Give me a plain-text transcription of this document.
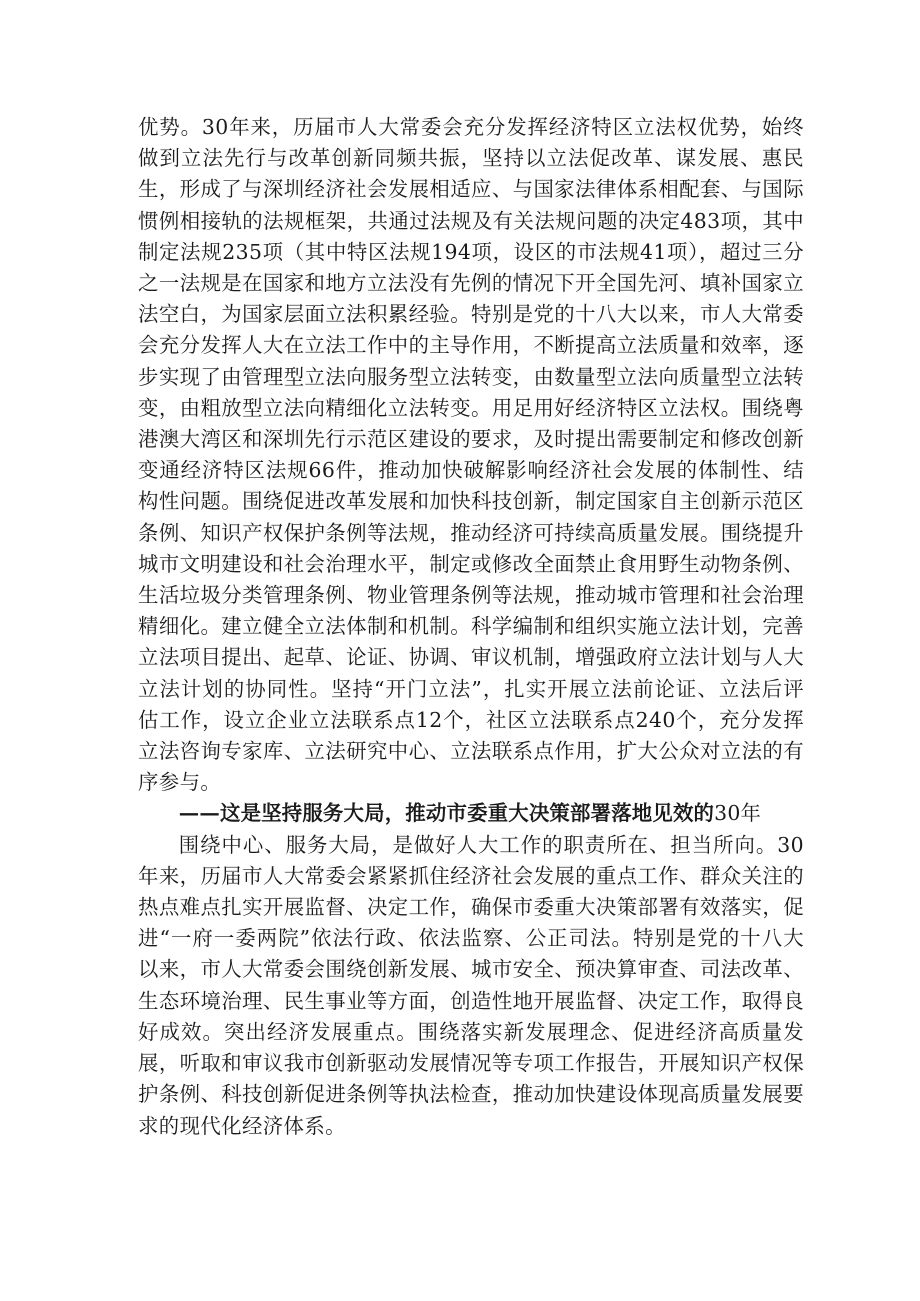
优势。30年来，历届市人大常委会充分发挥经济特区立法权优势，始终做到立法先行与改革创新同频共振，坚持以立法促改革、谋发展、惠民生，形成了与深圳经济社会发展相适应、与国家法律体系相配套、与国际惯例相接轨的法规框架，共通过法规及有关法规问题的决定483项，其中制定法规235项（其中特区法规194项，设区的市法规41项），超过三分之一法规是在国家和地方立法没有先例的情况下开全国先河、填补国家立法空白，为国家层面立法积累经验。特别是党的十八大以来，市人大常委会充分发挥人大在立法工作中的主导作用，不断提高立法质量和效率，逐步实现了由管理型立法向服务型立法转变，由数量型立法向质量型立法转变，由粗放型立法向精细化立法转变。用足用好经济特区立法权。围绕粤港澳大湾区和深圳先行示范区建设的要求，及时提出需要制定和修改创新变通经济特区法规66件，推动加快破解影响经济社会发展的体制性、结构性问题。围绕促进改革发展和加快科技创新，制定国家自主创新示范区条例、知识产权保护条例等法规，推动经济可持续高质量发展。围绕提升城市文明建设和社会治理水平，制定或修改全面禁止食用野生动物条例、生活垃圾分类管理条例、物业管理条例等法规，推动城市管理和社会治理精细化。建立健全立法体制和机制。科学编制和组织实施立法计划，完善立法项目提出、起草、论证、协调、审议机制，增强政府立法计划与人大立法计划的协同性。坚持“开门立法”，扎实开展立法前论证、立法后评估工作，设立企业立法联系点12个，社区立法联系点240个，充分发挥立法咨询专家库、立法研究中心、立法联系点作用，扩大公众对立法的有序参与。

——这是坚持服务大局，推动市委重大决策部署落地见效的30年

围绕中心、服务大局，是做好人大工作的职责所在、担当所向。30年来，历届市人大常委会紧紧抓住经济社会发展的重点工作、群众关注的热点难点扎实开展监督、决定工作，确保市委重大决策部署有效落实，促进“一府一委两院”依法行政、依法监察、公正司法。特别是党的十八大以来，市人大常委会围绕创新发展、城市安全、预决算审查、司法改革、生态环境治理、民生事业等方面，创造性地开展监督、决定工作，取得良好成效。突出经济发展重点。围绕落实新发展理念、促进经济高质量发展，听取和审议我市创新驱动发展情况等专项工作报告，开展知识产权保护条例、科技创新促进条例等执法检查，推动加快建设体现高质量发展要求的现代化经济体系。
